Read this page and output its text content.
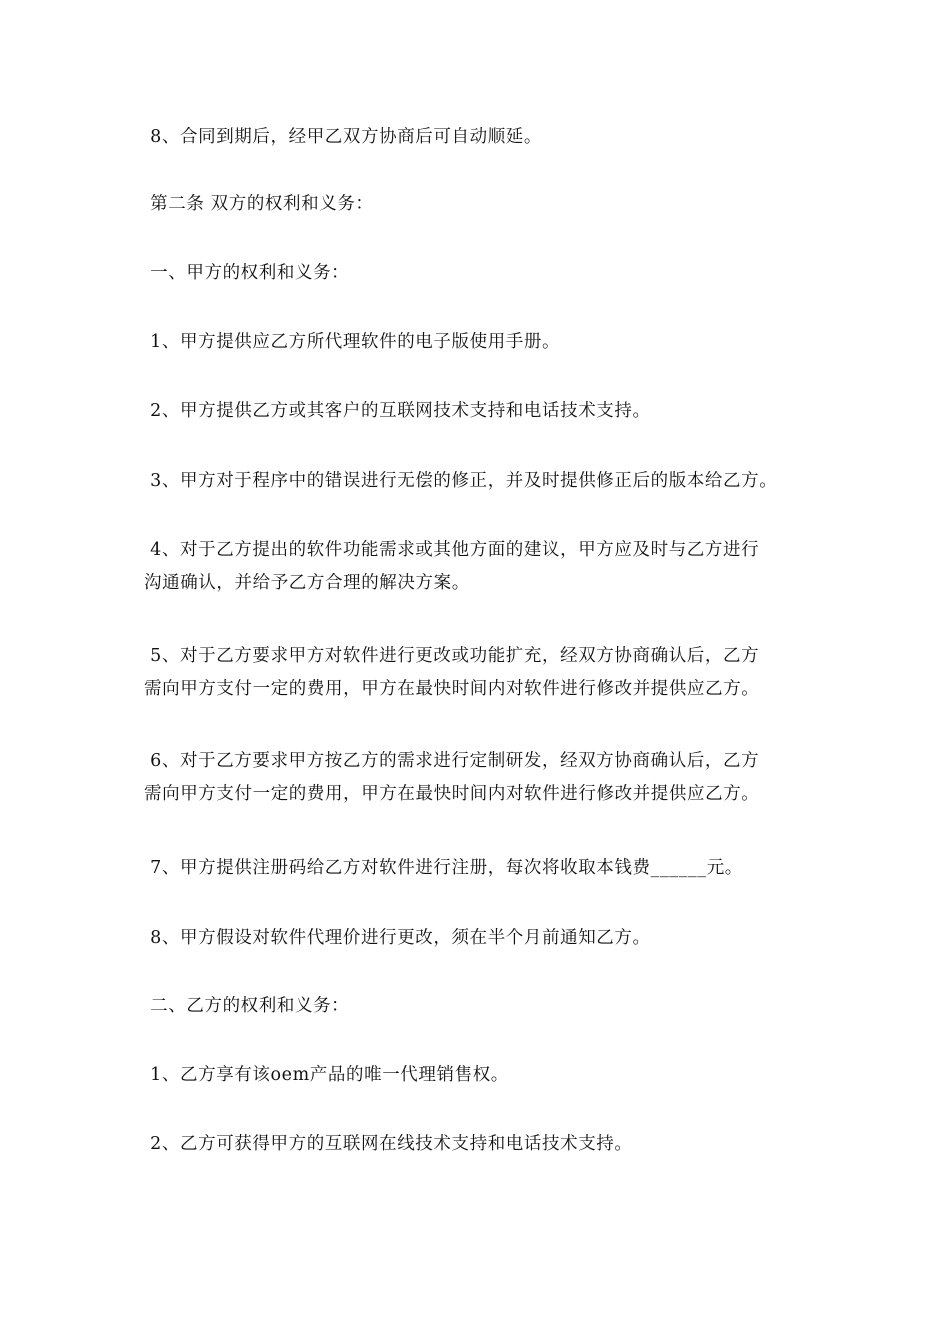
8、合同到期后，经甲乙双方协商后可自动顺延。
第二条 双方的权利和义务：
一、甲方的权利和义务：
1、甲方提供应乙方所代理软件的电子版使用手册。
2、甲方提供乙方或其客户的互联网技术支持和电话技术支持。
3、甲方对于程序中的错误进行无偿的修正，并及时提供修正后的版本给乙方。
4、对于乙方提出的软件功能需求或其他方面的建议，甲方应及时与乙方进行
沟通确认，并给予乙方合理的解决方案。
5、对于乙方要求甲方对软件进行更改或功能扩充，经双方协商确认后，乙方
需向甲方支付一定的费用，甲方在最快时间内对软件进行修改并提供应乙方。
6、对于乙方要求甲方按乙方的需求进行定制研发，经双方协商确认后，乙方
需向甲方支付一定的费用，甲方在最快时间内对软件进行修改并提供应乙方。
7、甲方提供注册码给乙方对软件进行注册，每次将收取本钱费______元。
8、甲方假设对软件代理价进行更改，须在半个月前通知乙方。
二、乙方的权利和义务：
1、乙方享有该oem产品的唯一代理销售权。
2、乙方可获得甲方的互联网在线技术支持和电话技术支持。
